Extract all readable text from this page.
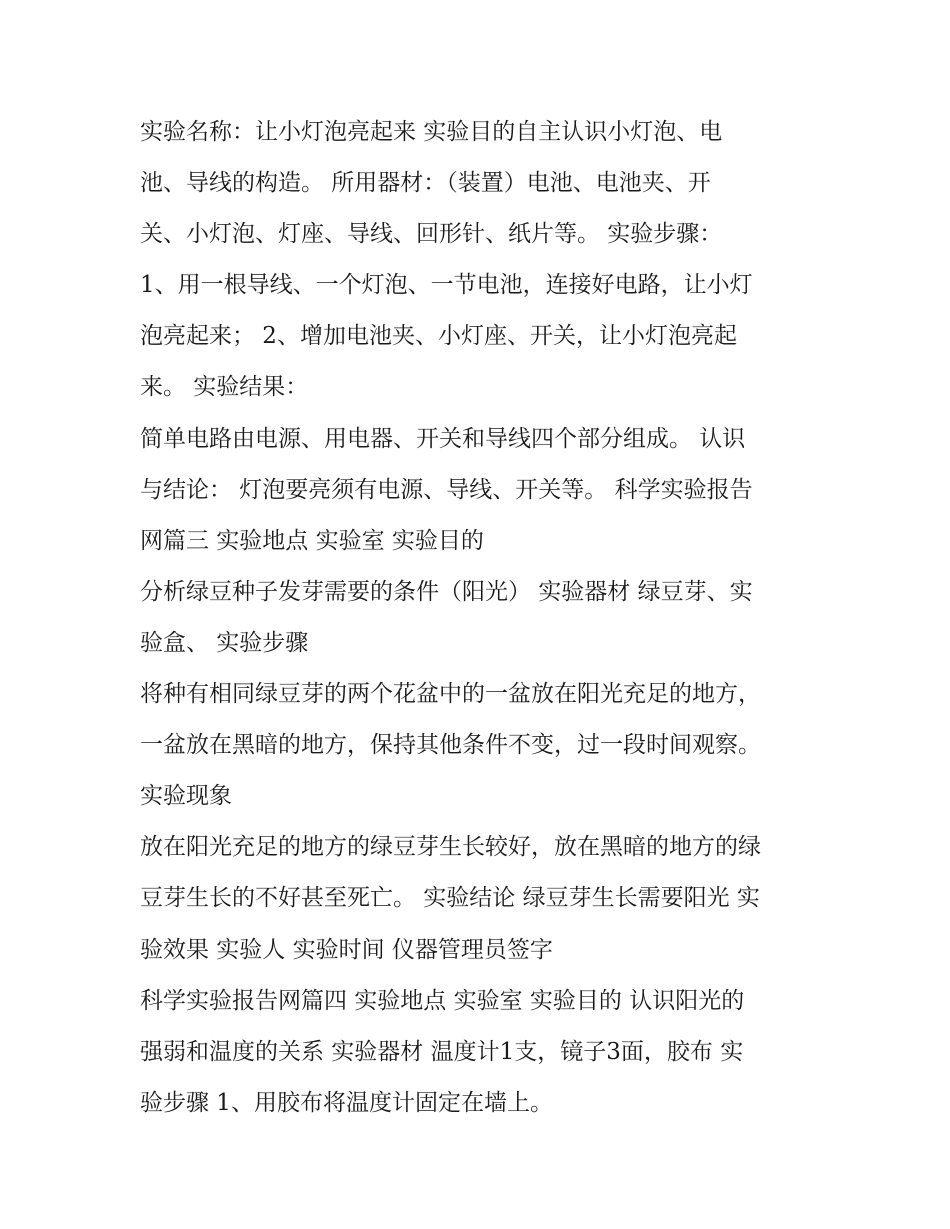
实验名称：让小灯泡亮起来 实验目的自主认识小灯泡、电
池、导线的构造。 所用器材：（装置）电池、电池夹、开
关、小灯泡、灯座、导线、回形针、纸片等。 实验步骤：
1、用一根导线、一个灯泡、一节电池，连接好电路，让小灯
泡亮起来； 2、增加电池夹、小灯座、开关，让小灯泡亮起
来。 实验结果：
简单电路由电源、用电器、开关和导线四个部分组成。 认识
与结论： 灯泡要亮须有电源、导线、开关等。 科学实验报告
网篇三 实验地点 实验室 实验目的
分析绿豆种子发芽需要的条件（阳光） 实验器材 绿豆芽、实
验盒、 实验步骤
将种有相同绿豆芽的两个花盆中的一盆放在阳光充足的地方，
一盆放在黑暗的地方，保持其他条件不变，过一段时间观察。
实验现象
放在阳光充足的地方的绿豆芽生长较好，放在黑暗的地方的绿
豆芽生长的不好甚至死亡。 实验结论 绿豆芽生长需要阳光 实
验效果 实验人 实验时间 仪器管理员签字
科学实验报告网篇四 实验地点 实验室 实验目的 认识阳光的
强弱和温度的关系 实验器材 温度计1支，镜子3面，胶布 实
验步骤 1、用胶布将温度计固定在墙上。
